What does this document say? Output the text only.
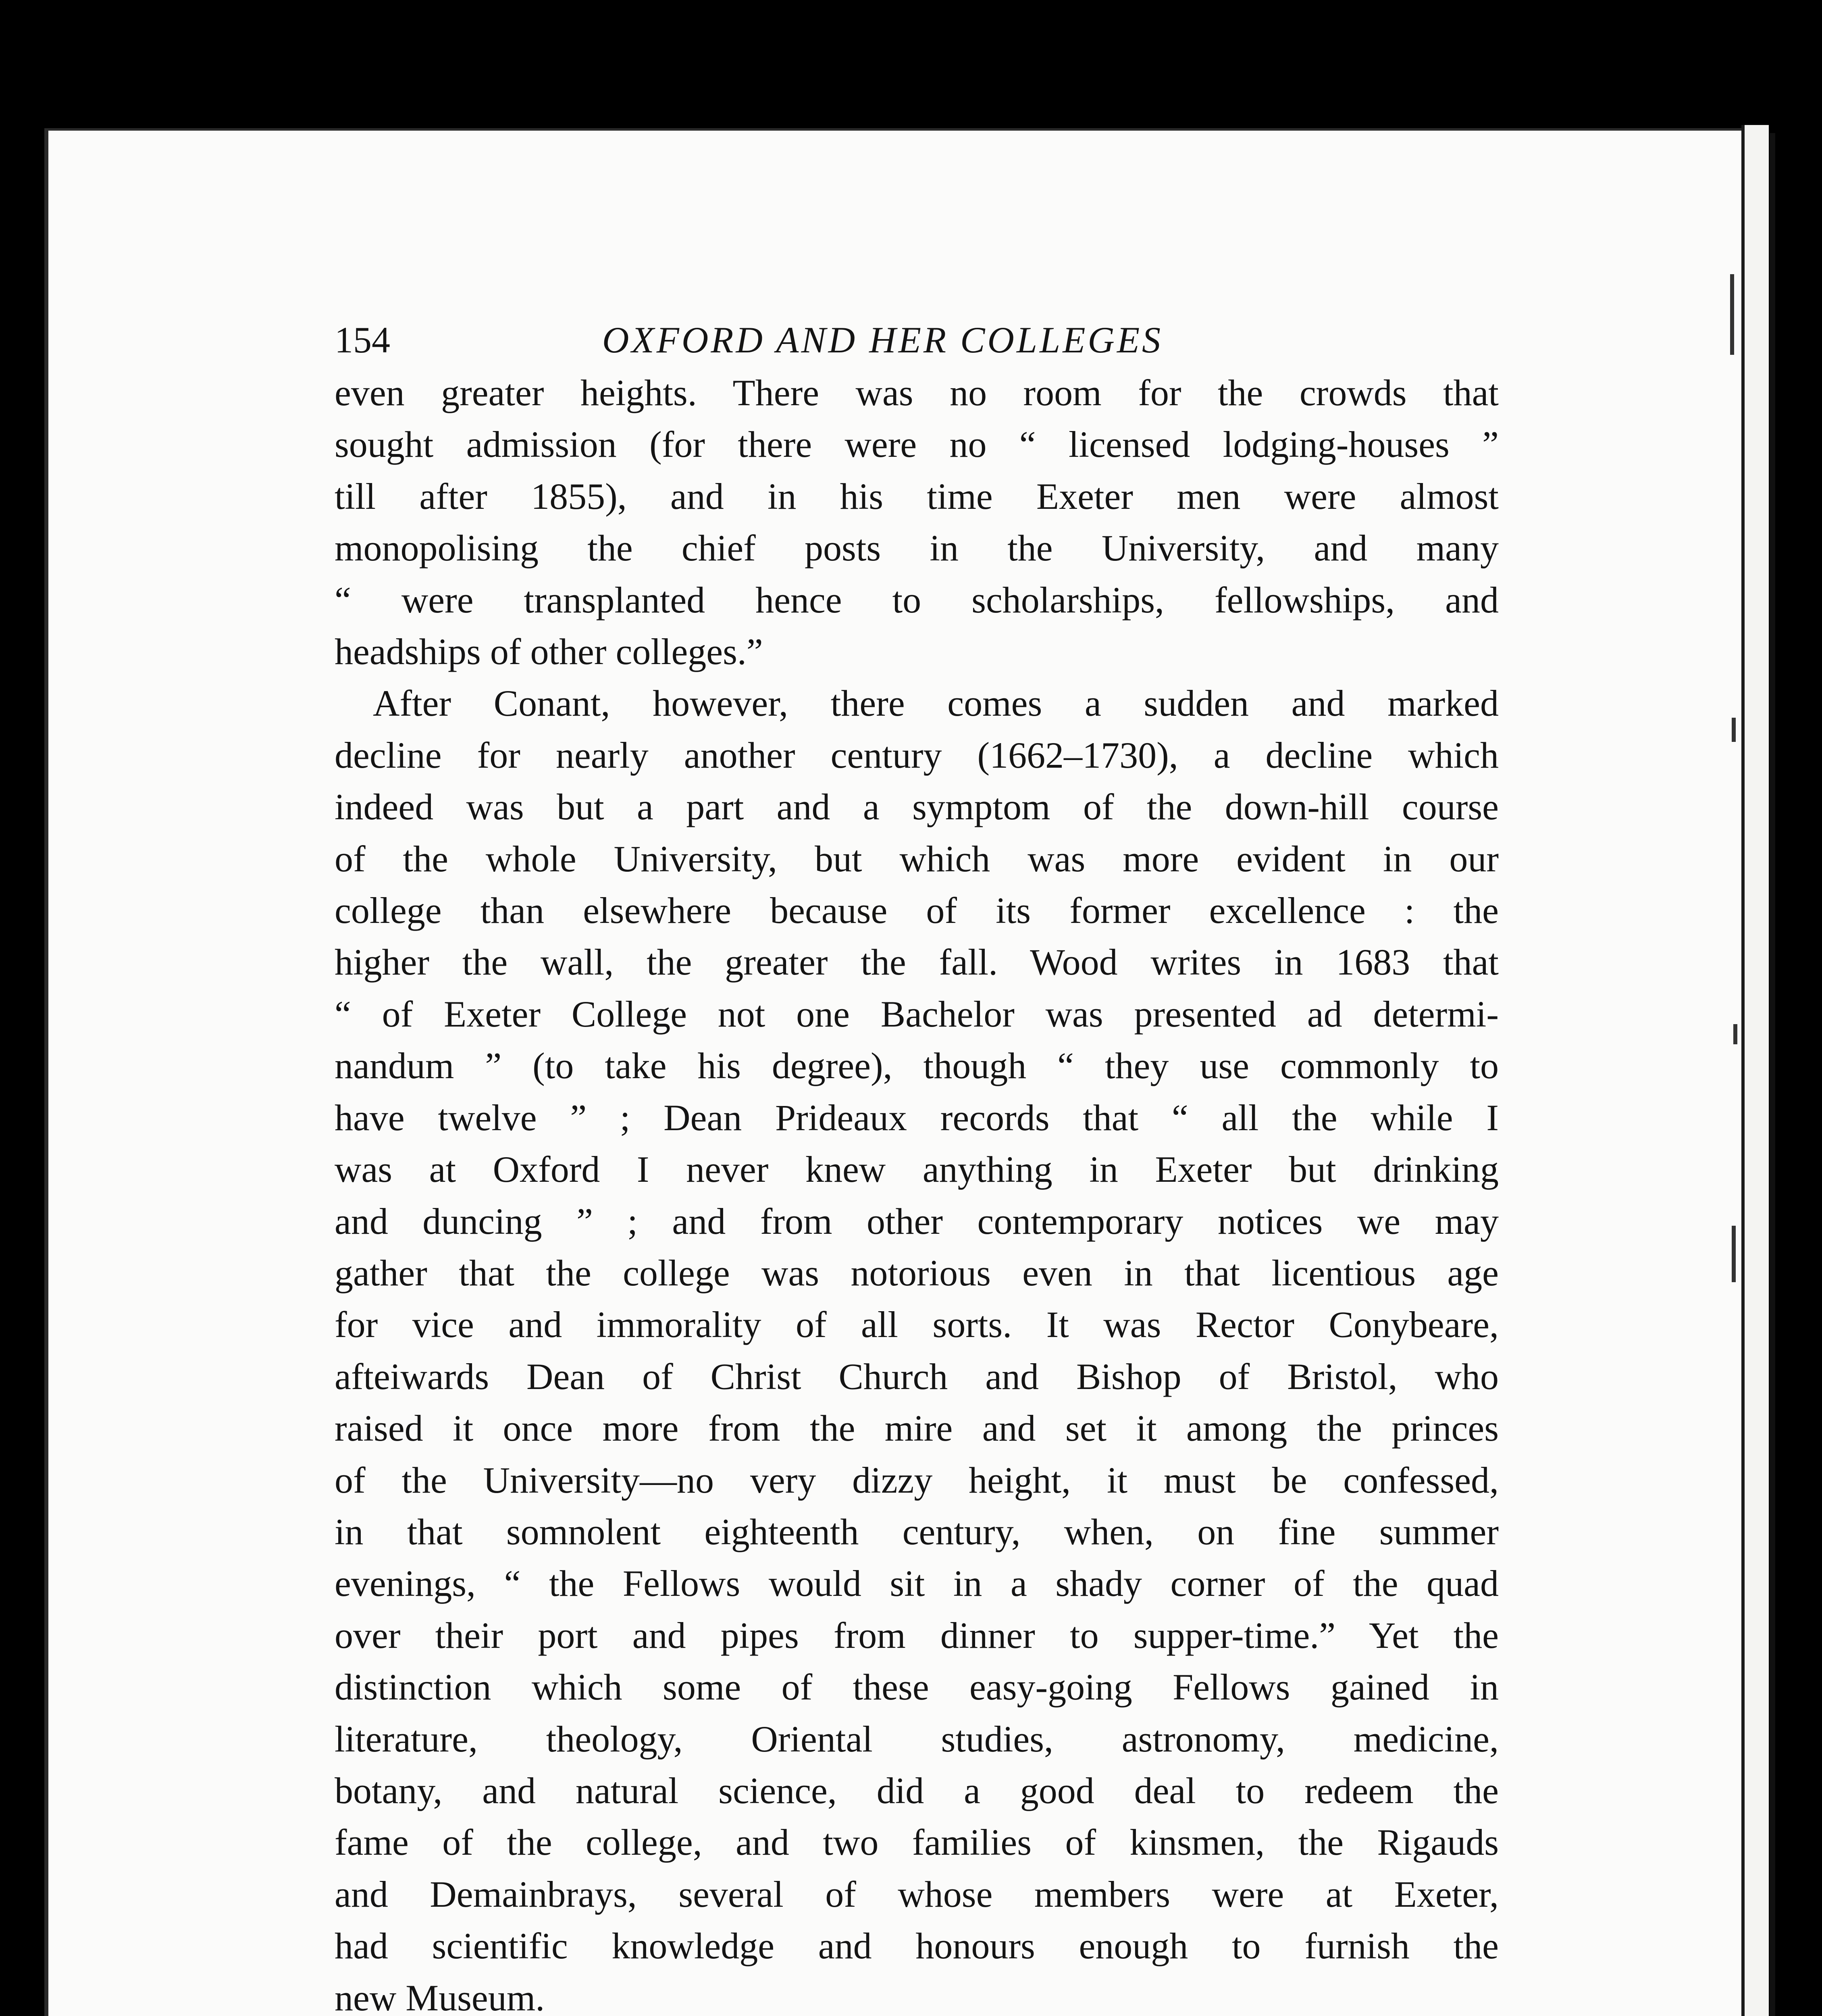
154	OXFORD AND HER COLLEGES

even greater heights. There was no room for the crowds that
sought admission (for there were no “ licensed lodging-houses ”
till after 1855), and in his time Exeter men were almost
monopolising the chief posts in the University, and many
“ were transplanted hence to scholarships, fellowships, and
headships of other colleges.”

After Conant, however, there comes a sudden and marked
decline for nearly another century (1662–1730), a decline which
indeed was but a part and a symptom of the down-hill course
of the whole University, but which was more evident in our
college than elsewhere because of its former excellence : the
higher the wall, the greater the fall. Wood writes in 1683 that
“ of Exeter College not one Bachelor was presented ad determi-
nandum ” (to take his degree), though “ they use commonly to
have twelve ” ; Dean Prideaux records that “ all the while I
was at Oxford I never knew anything in Exeter but drinking
and duncing ” ; and from other contemporary notices we may
gather that the college was notorious even in that licentious age
for vice and immorality of all sorts. It was Rector Conybeare,
afteiwards Dean of Christ Church and Bishop of Bristol, who
raised it once more from the mire and set it among the princes
of the University—no very dizzy height, it must be confessed,
in that somnolent eighteenth century, when, on fine summer
evenings, “ the Fellows would sit in a shady corner of the quad
over their port and pipes from dinner to supper-time.” Yet the
distinction which some of these easy-going Fellows gained in
literature, theology, Oriental studies, astronomy, medicine,
botany, and natural science, did a good deal to redeem the
fame of the college, and two families of kinsmen, the Rigauds
and Demainbrays, several of whose members were at Exeter,
had scientific knowledge and honours enough to furnish the
new Museum.
